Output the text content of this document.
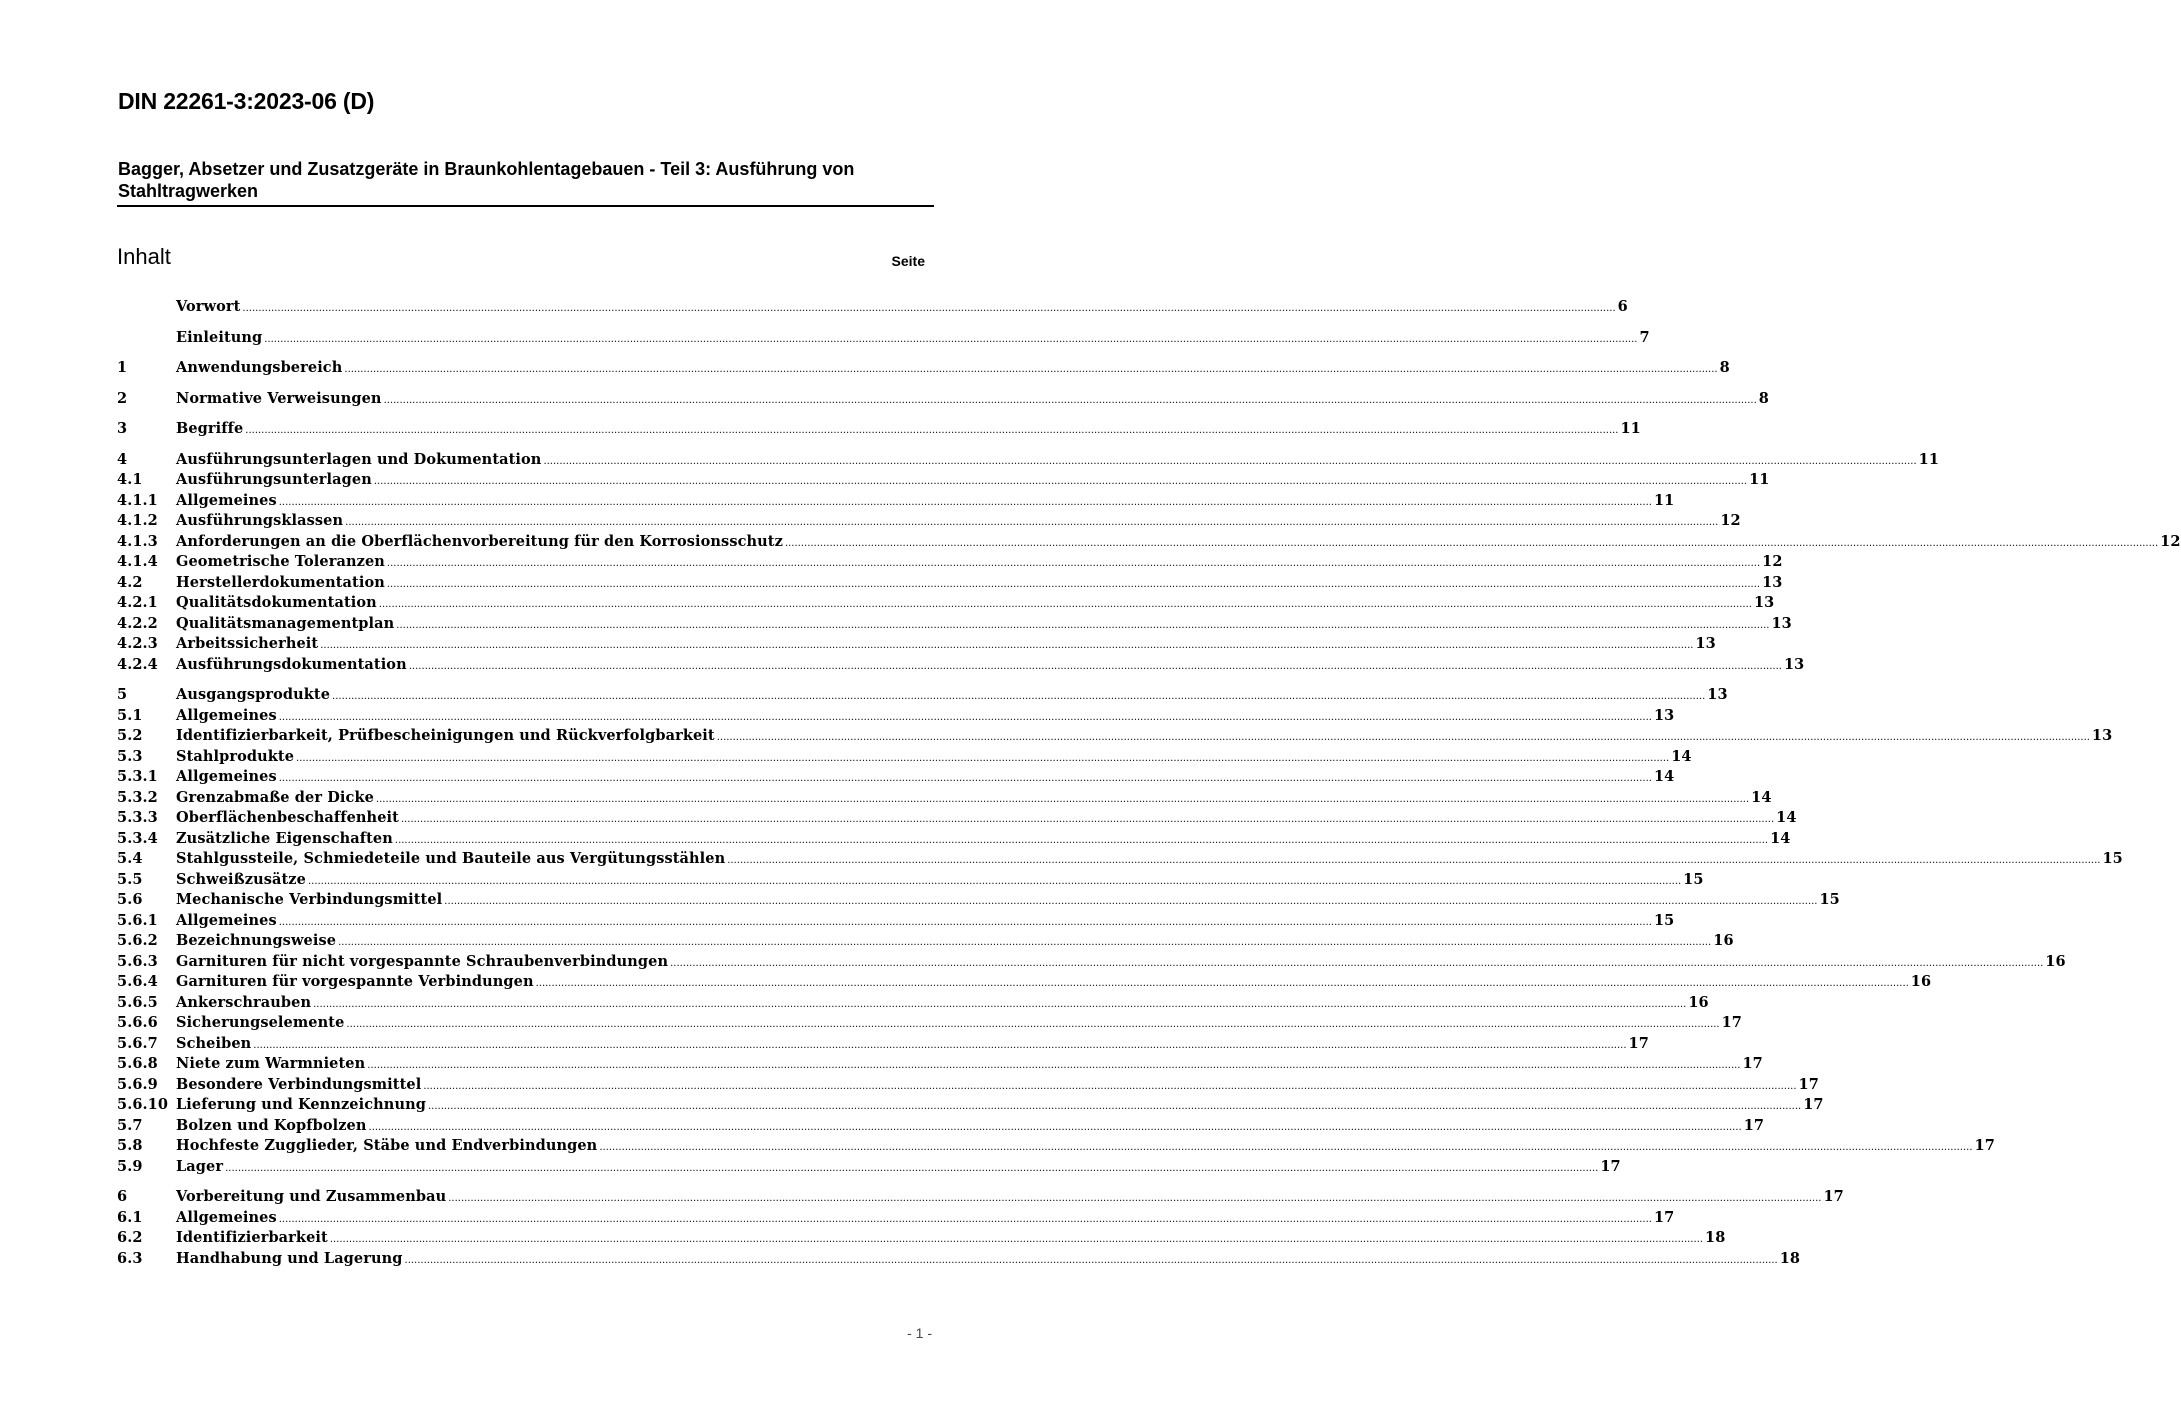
DIN 22261-3:2023-06 (D)
Bagger, Absetzer und Zusatzgeräte in Braunkohlentagebauen - Teil 3: Ausführung von Stahltragwerken
Inhalt	Seite
Vorwort .....	6
Einleitung .....	7
1	Anwendungsbereich .....	8
2	Normative Verweisungen .....	8
3	Begriffe .....	11
4	Ausführungsunterlagen und Dokumentation .....	11
4.1	Ausführungsunterlagen .....	11
4.1.1	Allgemeines .....	11
4.1.2	Ausführungsklassen .....	12
4.1.3	Anforderungen an die Oberflächenvorbereitung für den Korrosionsschutz .....	12
4.1.4	Geometrische Toleranzen .....	12
4.2	Herstellerdokumentation .....	13
4.2.1	Qualitätsdokumentation .....	13
4.2.2	Qualitätsmanagementplan .....	13
4.2.3	Arbeitssicherheit .....	13
4.2.4	Ausführungsdokumentation .....	13
5	Ausgangsprodukte .....	13
5.1	Allgemeines .....	13
5.2	Identifizierbarkeit, Prüfbescheinigungen und Rückverfolgbarkeit .....	13
5.3	Stahlprodukte .....	14
5.3.1	Allgemeines .....	14
5.3.2	Grenzabmaße der Dicke .....	14
5.3.3	Oberflächenbeschaffenheit .....	14
5.3.4	Zusätzliche Eigenschaften .....	14
5.4	Stahlgussteile, Schmiedeteile und Bauteile aus Vergütungsstählen .....	15
5.5	Schweißzusätze .....	15
5.6	Mechanische Verbindungsmittel .....	15
5.6.1	Allgemeines .....	15
5.6.2	Bezeichnungsweise .....	16
5.6.3	Garnituren für nicht vorgespannte Schraubenverbindungen .....	16
5.6.4	Garnituren für vorgespannte Verbindungen .....	16
5.6.5	Ankerschrauben .....	16
5.6.6	Sicherungselemente .....	17
5.6.7	Scheiben .....	17
5.6.8	Niete zum Warmnieten .....	17
5.6.9	Besondere Verbindungsmittel .....	17
5.6.10 Lieferung und Kennzeichnung .....	17
5.7	Bolzen und Kopfbolzen .....	17
5.8	Hochfeste Zugglieder, Stäbe und Endverbindungen .....	17
5.9	Lager .....	17
6	Vorbereitung und Zusammenbau .....	17
6.1	Allgemeines .....	17
6.2	Identifizierbarkeit .....	18
6.3	Handhabung und Lagerung .....	18
- 1 -
